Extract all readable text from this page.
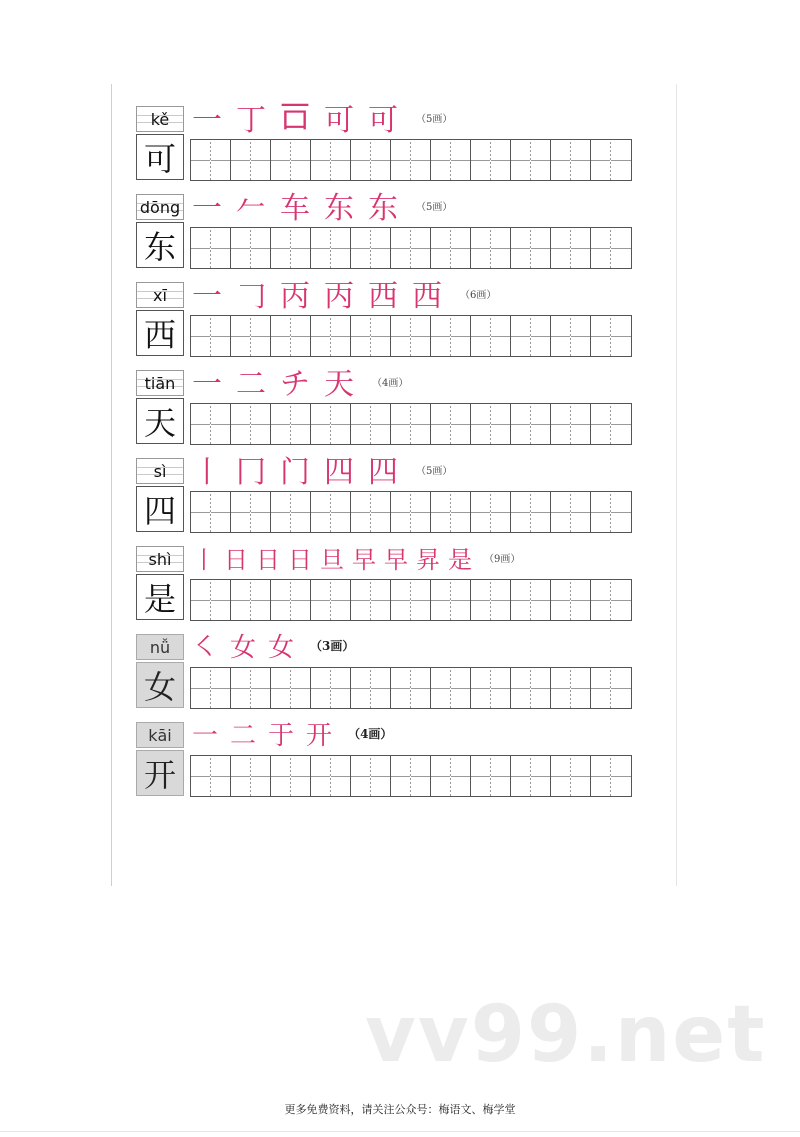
kě
可
一 丁 𠮛 可 可 （5画）
dōng
东
一 𠂉 车 东 东 （5画）
xī
西
一 𠃌 丙 丙 西 西 （6画）
tiān
天
一 二 チ 天 （4画）
sì
四
丨 冂 门 四 四 （5画）
shì
是
丨 日 日 日 旦 早 早 昇 是 （9画）
nǚ
女
㇛ 女 女 （3画）
kāi
开
一 二 于 开 （4画）
vv99.net
更多免费资料，请关注公众号：梅语文、梅学堂
